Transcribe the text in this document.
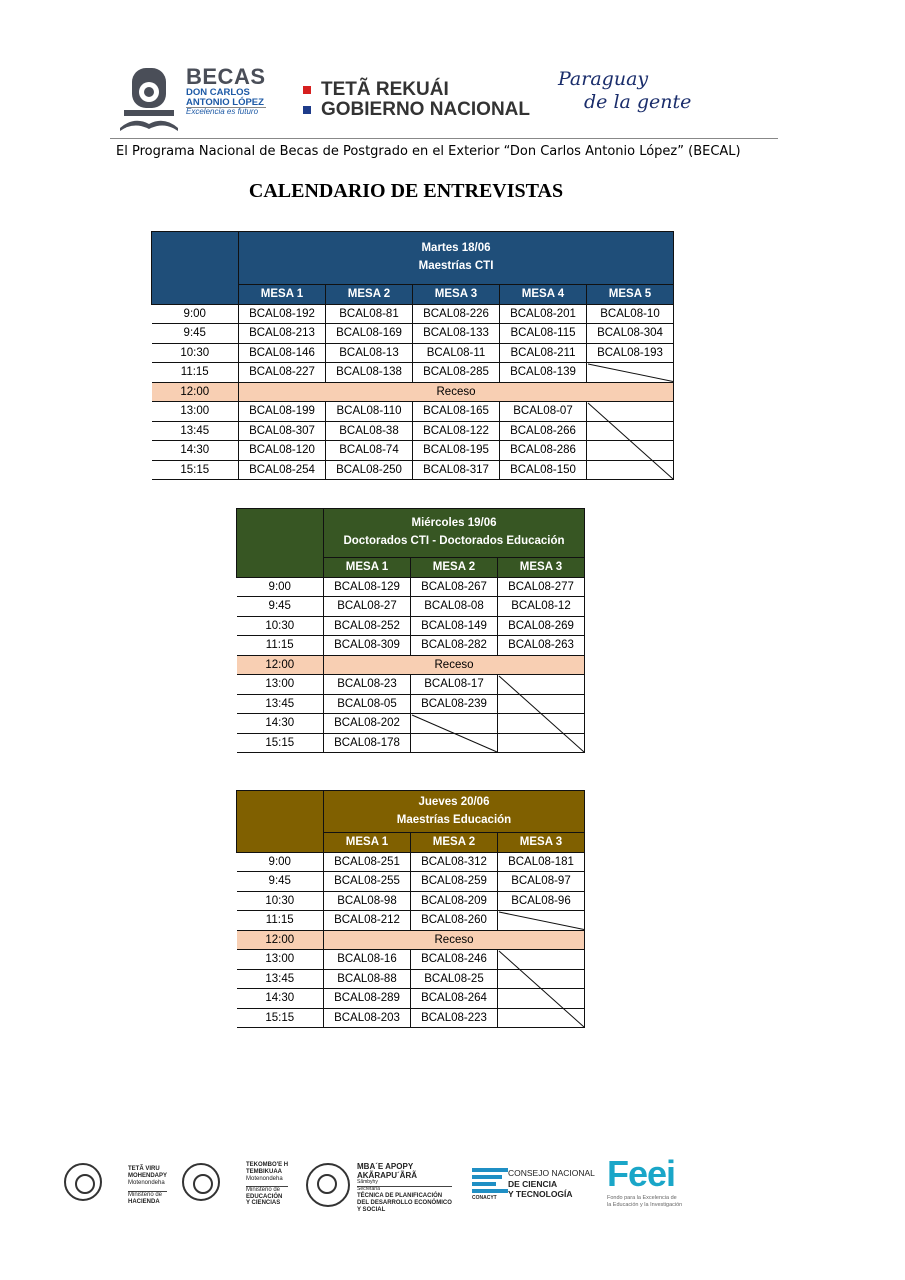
BECAS
DON CARLOS
ANTONIO LÓPEZ
Excelencia es futuro
TETÃ REKUÁI
GOBIERNO NACIONAL
Paraguay
de la gente
El Programa Nacional de Becas de Postgrado en el Exterior “Don Carlos Antonio López” (BECAL)
CALENDARIO DE ENTREVISTAS

	Martes 18/06
Maestrías CTI				

	MESA 1	MESA 2	MESA 3	MESA 4	MESA 5
9:00	BCAL08-192	BCAL08-81	BCAL08-226	BCAL08-201	BCAL08-10
9:45	BCAL08-213	BCAL08-169	BCAL08-133	BCAL08-115	BCAL08-304
10:30	BCAL08-146	BCAL08-13	BCAL08-11	BCAL08-211	BCAL08-193
11:15	BCAL08-227	BCAL08-138	BCAL08-285	BCAL08-139	
12:00	Receso				
13:00	BCAL08-199	BCAL08-110	BCAL08-165	BCAL08-07	
13:45	BCAL08-307	BCAL08-38	BCAL08-122	BCAL08-266	
14:30	BCAL08-120	BCAL08-74	BCAL08-195	BCAL08-286	
15:15	BCAL08-254	BCAL08-250	BCAL08-317	BCAL08-150	

	Miércoles 19/06
Doctorados CTI - Doctorados Educación		

	MESA 1	MESA 2	MESA 3
9:00	BCAL08-129	BCAL08-267	BCAL08-277
9:45	BCAL08-27	BCAL08-08	BCAL08-12
10:30	BCAL08-252	BCAL08-149	BCAL08-269
11:15	BCAL08-309	BCAL08-282	BCAL08-263
12:00	Receso		
13:00	BCAL08-23	BCAL08-17	
13:45	BCAL08-05	BCAL08-239	
14:30	BCAL08-202		
15:15	BCAL08-178		

	Jueves 20/06
Maestrías Educación		

	MESA 1	MESA 2	MESA 3
9:00	BCAL08-251	BCAL08-312	BCAL08-181
9:45	BCAL08-255	BCAL08-259	BCAL08-97
10:30	BCAL08-98	BCAL08-209	BCAL08-96
11:15	BCAL08-212	BCAL08-260	
12:00	Receso		
13:00	BCAL08-16	BCAL08-246	
13:45	BCAL08-88	BCAL08-25	
14:30	BCAL08-289	BCAL08-264	
15:15	BCAL08-203	BCAL08-223	
TETÃ VIRU
MOHENDAPY
Motenondeha
Ministerio de
HACIENDA
TEKOMBO'E H
TEMBIKUAA
Motenondeha
Ministerio de
EDUCACIÓN
Y CIENCIAS
MBA´E APOPY
AKÃRAPU´ÃRÃ
Sãmbyhy
Secretaría
TÉCNICA DE PLANIFICACIÓN
DEL DESARROLLO ECONÓMICO
Y SOCIAL
CONACYT
CONSEJO NACIONAL
DE CIENCIA
Y TECNOLOGÍA
Feei
Fondo para la Excelencia de
la Educación y la Investigación
